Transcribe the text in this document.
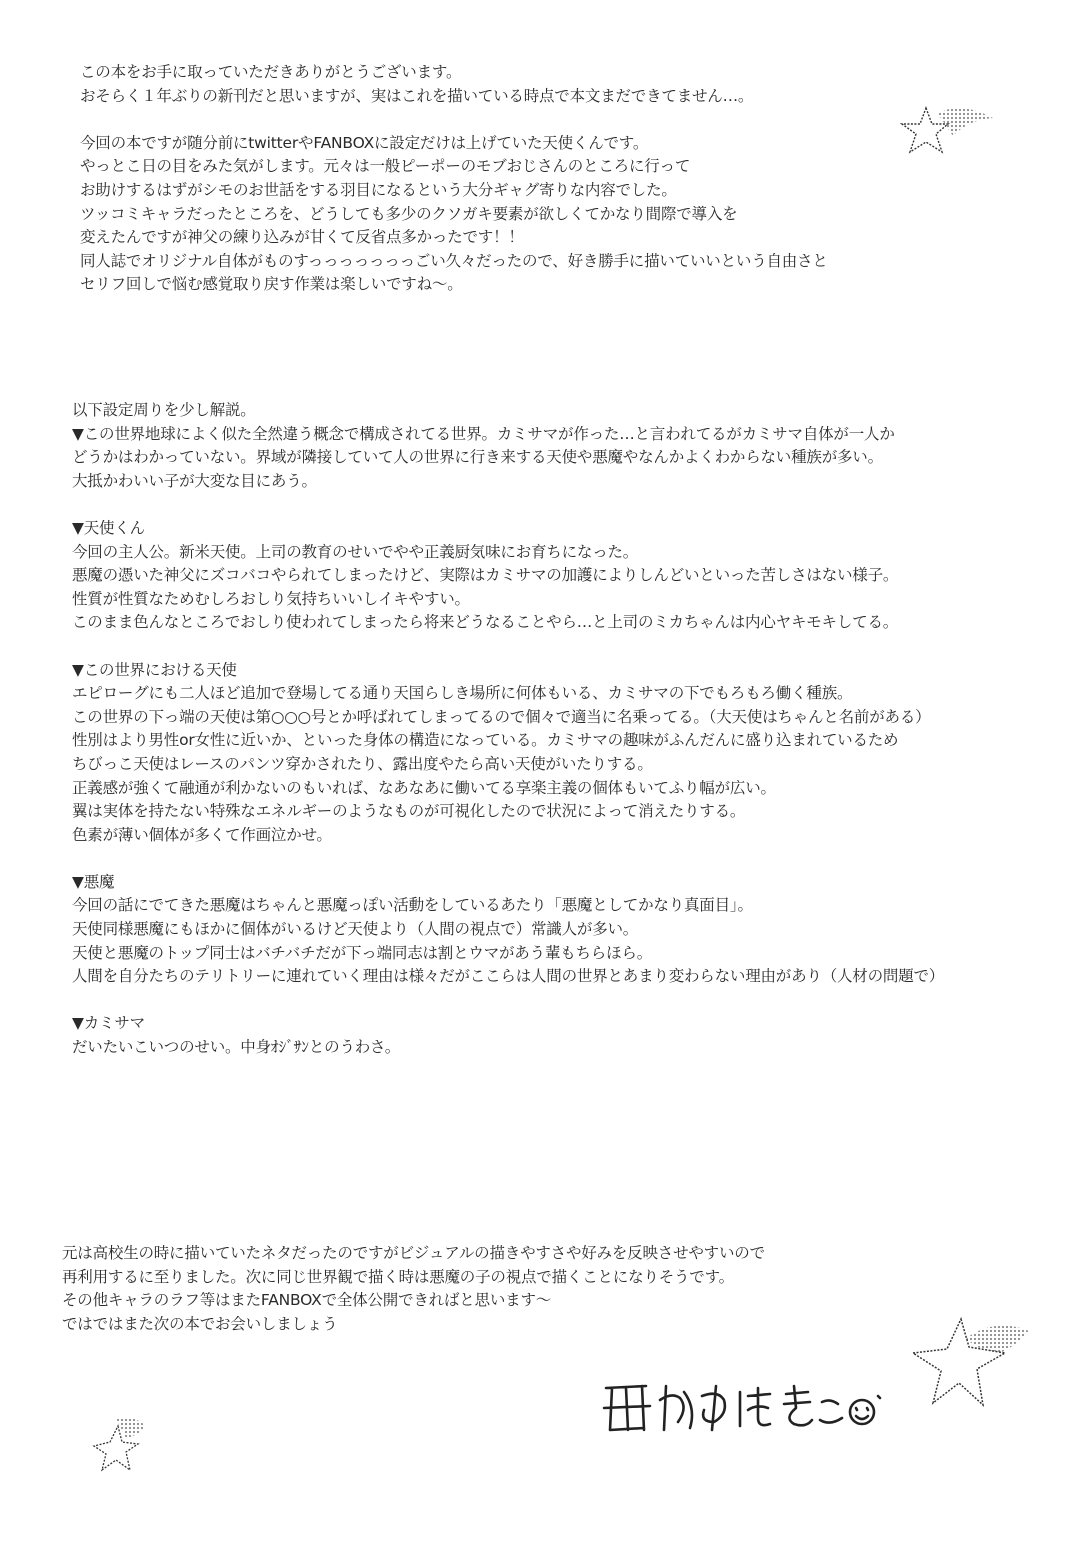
この本をお手に取っていただきありがとうございます。
おそらく１年ぶりの新刊だと思いますが、実はこれを描いている時点で本文まだできてません…。
今回の本ですが随分前にtwitterやFANBOXに設定だけは上げていた天使くんです。
やっとこ日の目をみた気がします。元々は一般ピーポーのモブおじさんのところに行って
お助けするはずがシモのお世話をする羽目になるという大分ギャグ寄りな内容でした。
ツッコミキャラだったところを、どうしても多少のクソガキ要素が欲しくてかなり間際で導入を
変えたんですが神父の練り込みが甘くて反省点多かったです！！
同人誌でオリジナル自体がものすっっっっっっっごい久々だったので、好き勝手に描いていいという自由さと
セリフ回しで悩む感覚取り戻す作業は楽しいですね〜。
以下設定周りを少し解説。
▼この世界地球によく似た全然違う概念で構成されてる世界。カミサマが作った…と言われてるがカミサマ自体が一人か
どうかはわかっていない。界域が隣接していて人の世界に行き来する天使や悪魔やなんかよくわからない種族が多い。
大抵かわいい子が大変な目にあう。
▼天使くん
今回の主人公。新米天使。上司の教育のせいでやや正義厨気味にお育ちになった。
悪魔の憑いた神父にズコバコやられてしまったけど、実際はカミサマの加護によりしんどいといった苦しさはない様子。
性質が性質なためむしろおしり気持ちいいしイキやすい。
このまま色んなところでおしり使われてしまったら将来どうなることやら…と上司のミカちゃんは内心ヤキモキしてる。
▼この世界における天使
エピローグにも二人ほど追加で登場してる通り天国らしき場所に何体もいる、カミサマの下でもろもろ働く種族。
この世界の下っ端の天使は第○○○号とか呼ばれてしまってるので個々で適当に名乗ってる。（大天使はちゃんと名前がある）
性別はより男性or女性に近いか、といった身体の構造になっている。カミサマの趣味がふんだんに盛り込まれているため
ちびっこ天使はレースのパンツ穿かされたり、露出度やたら高い天使がいたりする。
正義感が強くて融通が利かないのもいれば、なあなあに働いてる享楽主義の個体もいてふり幅が広い。
翼は実体を持たない特殊なエネルギーのようなものが可視化したので状況によって消えたりする。
色素が薄い個体が多くて作画泣かせ。
▼悪魔
今回の話にでてきた悪魔はちゃんと悪魔っぽい活動をしているあたり「悪魔としてかなり真面目」。
天使同様悪魔にもほかに個体がいるけど天使より（人間の視点で）常識人が多い。
天使と悪魔のトップ同士はバチバチだが下っ端同志は割とウマがあう輩もちらほら。
人間を自分たちのテリトリーに連れていく理由は様々だがここらは人間の世界とあまり変わらない理由があり（人材の問題で）
▼カミサマ
だいたいこいつのせい。中身ｵｼﾞｻﾝとのうわさ。
元は高校生の時に描いていたネタだったのですがビジュアルの描きやすさや好みを反映させやすいので
再利用するに至りました。次に同じ世界観で描く時は悪魔の子の視点で描くことになりそうです。
その他キャラのラフ等はまたFANBOXで全体公開できればと思います〜
ではではまた次の本でお会いしましょう
